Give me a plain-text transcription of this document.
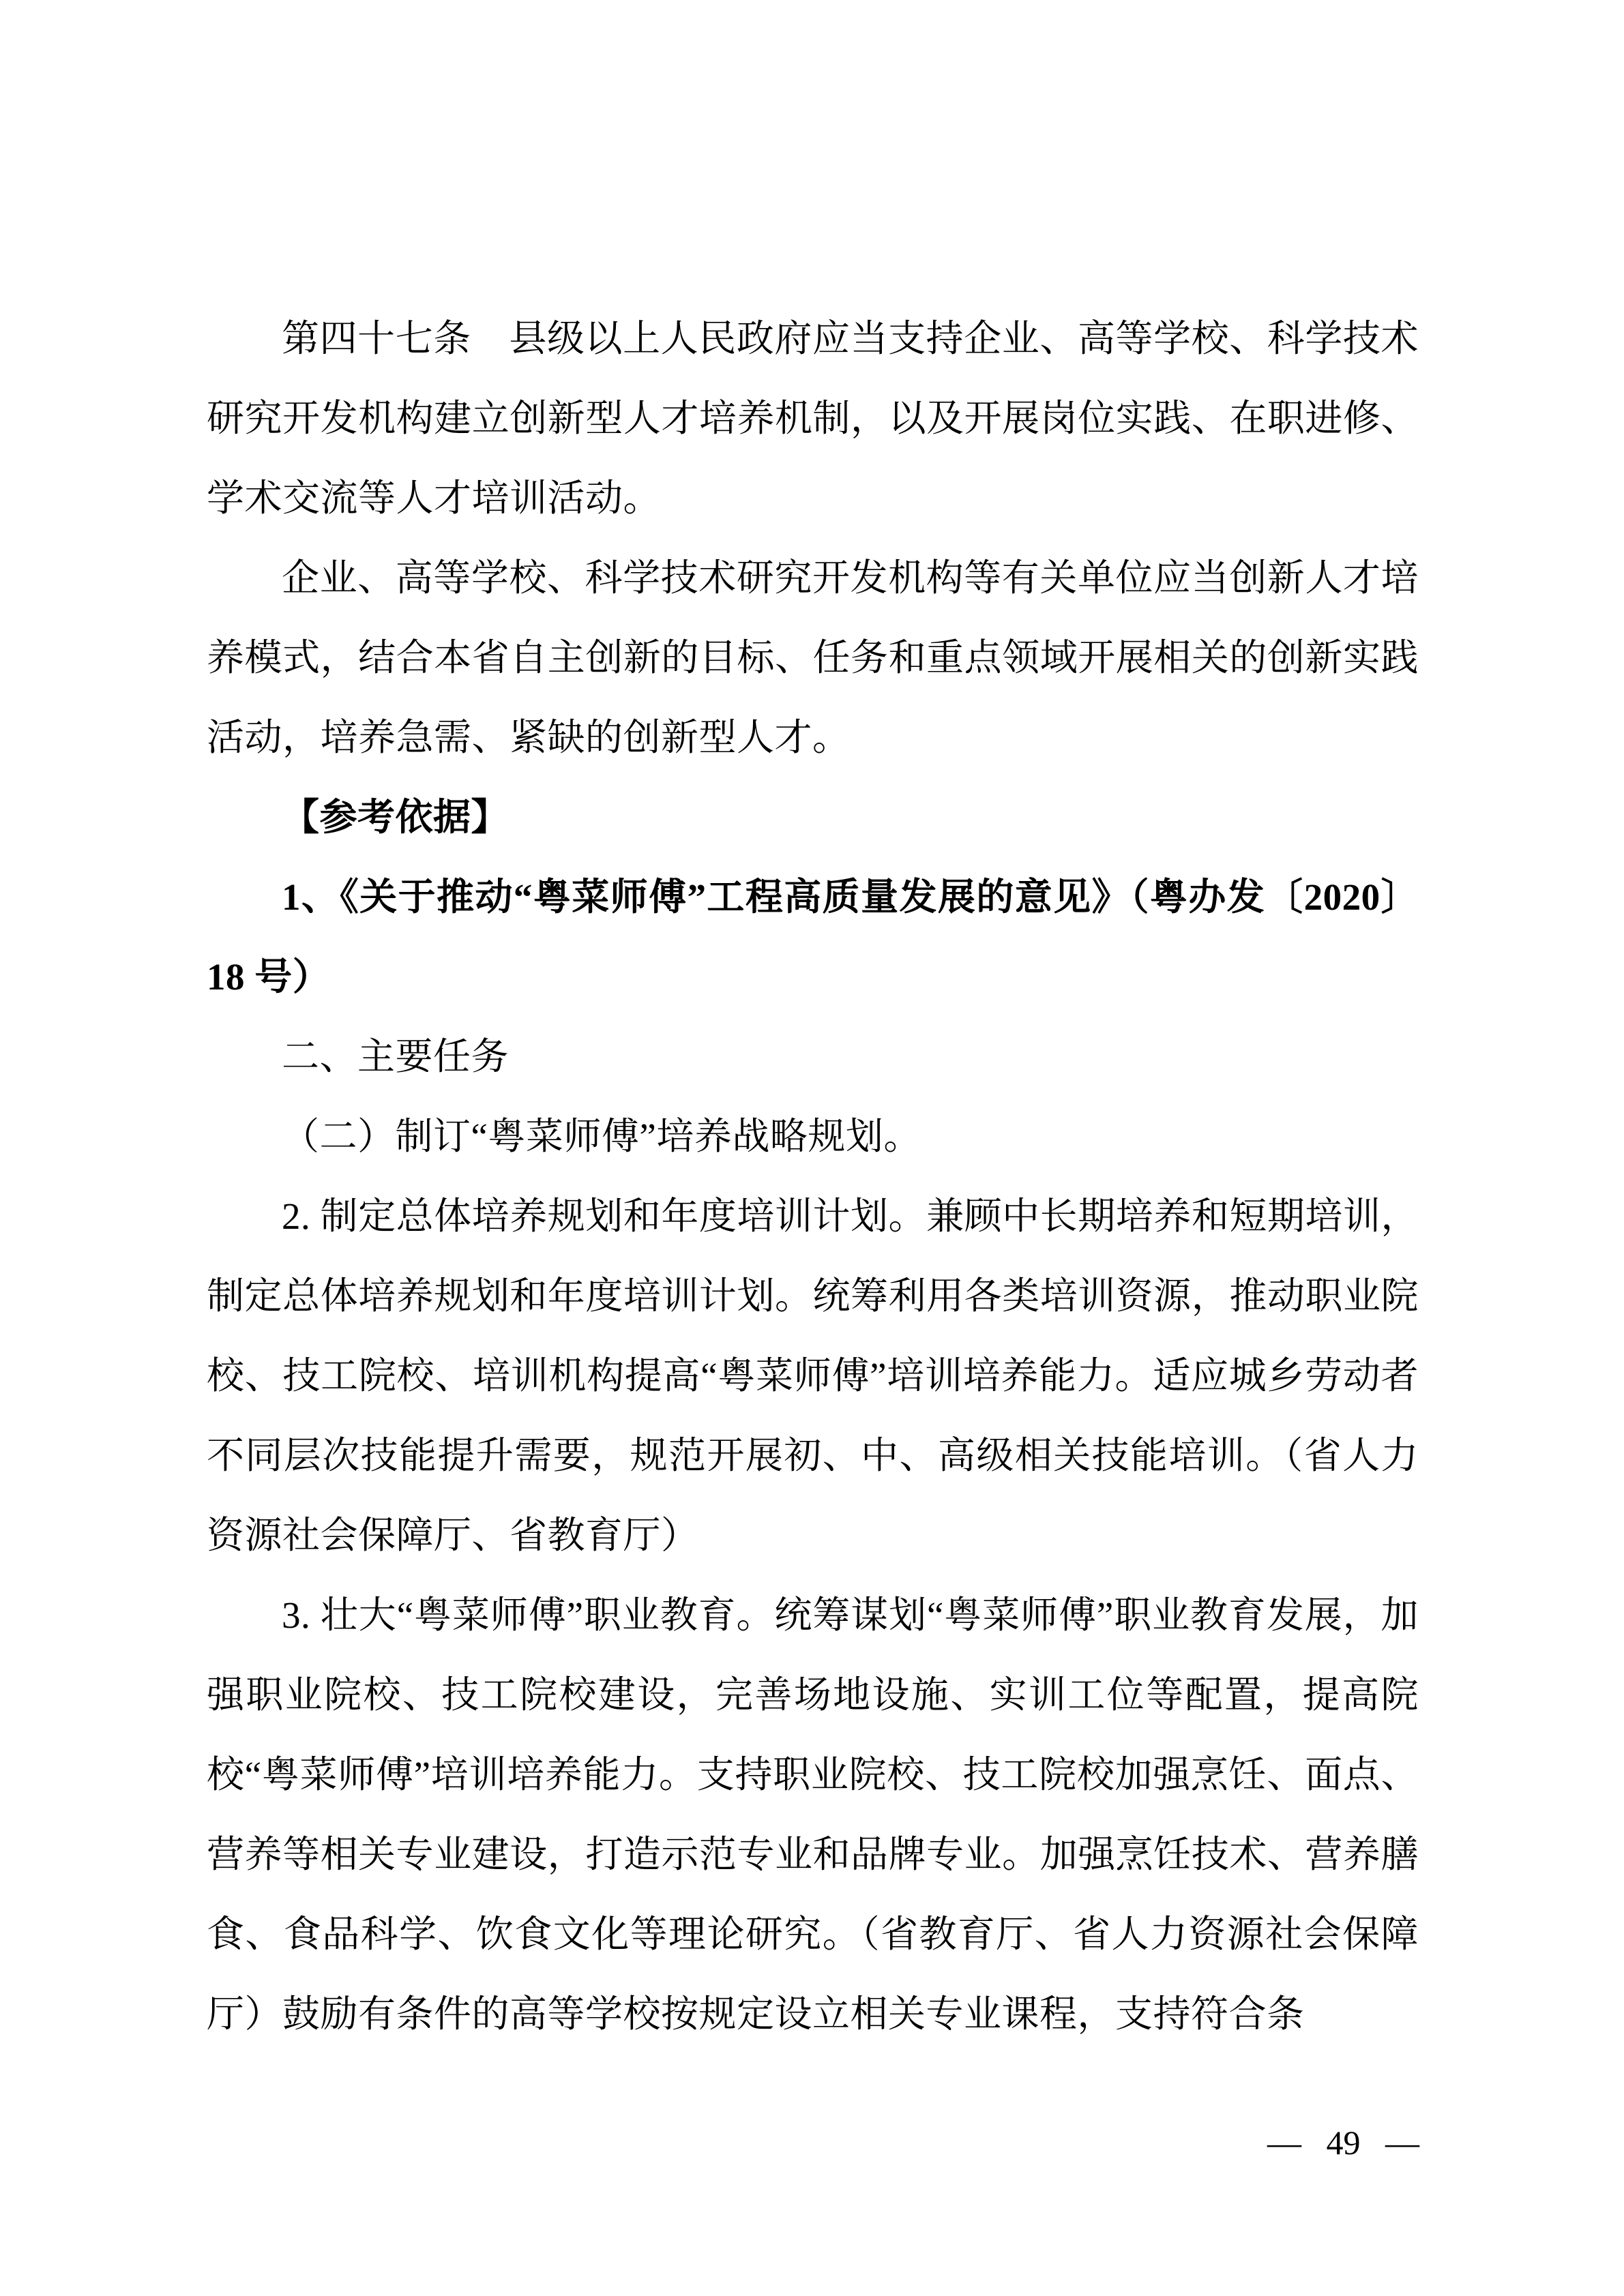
第四十七条　县级以上人民政府应当支持企业、高等学校、科学技术研究开发机构建立创新型人才培养机制，以及开展岗位实践、在职进修、学术交流等人才培训活动。

企业、高等学校、科学技术研究开发机构等有关单位应当创新人才培养模式，结合本省自主创新的目标、任务和重点领域开展相关的创新实践活动，培养急需、紧缺的创新型人才。

【参考依据】

1、《关于推动“粤菜师傅”工程高质量发展的意见》（粤办发〔2020〕18 号）

二、主要任务

（二）制订“粤菜师傅”培养战略规划。

2. 制定总体培养规划和年度培训计划。兼顾中长期培养和短期培训，制定总体培养规划和年度培训计划。统筹利用各类培训资源，推动职业院校、技工院校、培训机构提高“粤菜师傅”培训培养能力。适应城乡劳动者不同层次技能提升需要，规范开展初、中、高级相关技能培训。（省人力资源社会保障厅、省教育厅）

3. 壮大“粤菜师傅”职业教育。统筹谋划“粤菜师傅”职业教育发展，加强职业院校、技工院校建设，完善场地设施、实训工位等配置，提高院校“粤菜师傅”培训培养能力。支持职业院校、技工院校加强烹饪、面点、营养等相关专业建设，打造示范专业和品牌专业。加强烹饪技术、营养膳食、食品科学、饮食文化等理论研究。（省教育厅、省人力资源社会保障厅）鼓励有条件的高等学校按规定设立相关专业课程，支持符合条

— 49 —
